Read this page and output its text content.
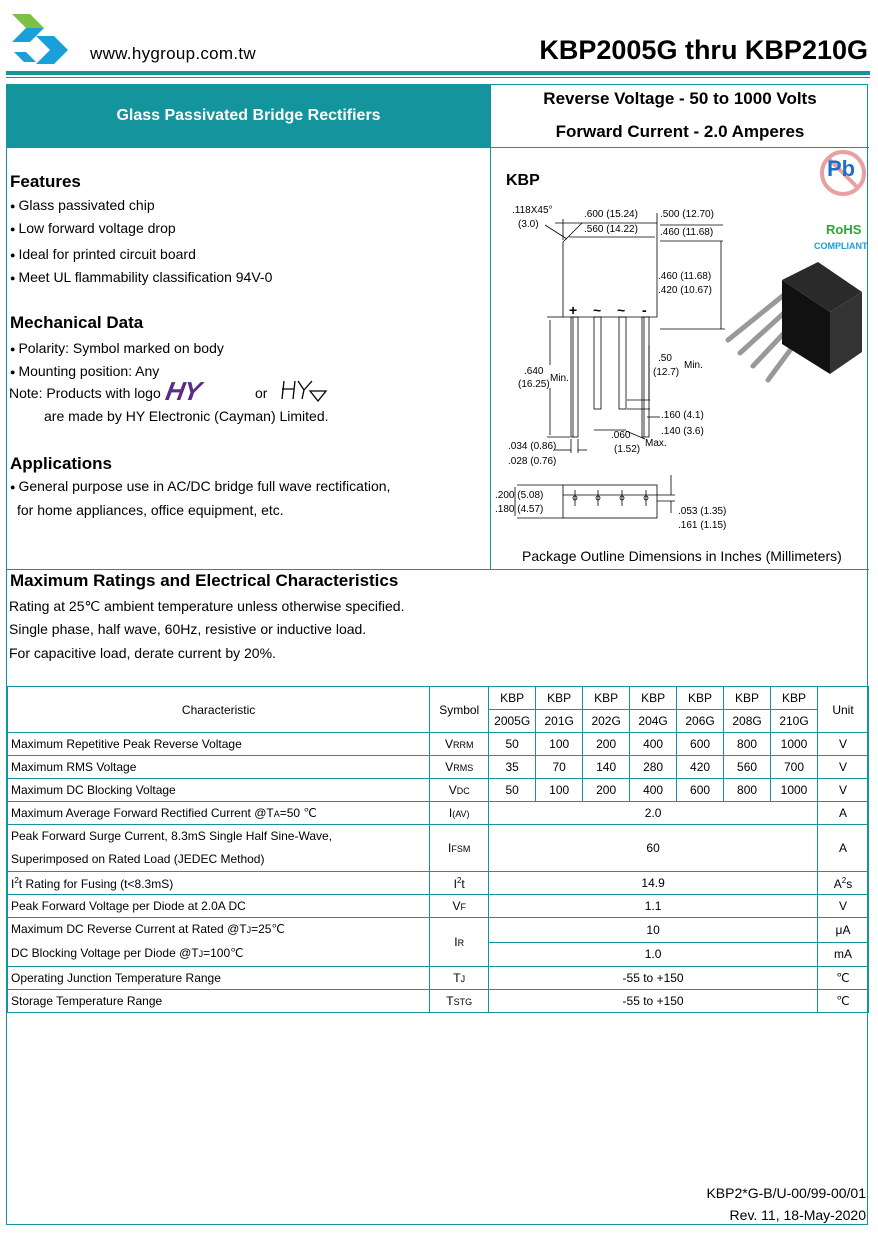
www.hygroup.com.tw	KBP2005G thru KBP210G
Glass Passivated Bridge Rectifiers
Reverse Voltage - 50 to 1000 Volts
Forward Current - 2.0 Amperes
Features
● Glass passivated chip
● Low forward voltage drop
● Ideal for printed circuit board
● Meet UL flammability classification 94V-0
Mechanical Data
● Polarity: Symbol marked on body
● Mounting position: Any
Note: Products with logo HY	or
are made by HY Electronic (Cayman) Limited.
Applications
● General purpose use in AC/DC bridge full wave rectification,
for home appliances, office equipment, etc.
KBP	Pb
RoHS
COMPLIANT
+ ~ ~ -
.118X45°
(3.0)
.600 (15.24)
.560 (14.22)
.500 (12.70)
.460 (11.68)
.460 (11.68)
.420 (10.67)
.640
(16.25)
Min.
.50
(12.7)
Min.
.160 (4.1)
.140 (3.6)
.060
(1.52)
Max.
.034 (0.86)
.028 (0.76)
.200 (5.08)
.180 (4.57)	.053 (1.35)
.161 (1.15)
Package Outline Dimensions in Inches (Millimeters)
Maximum Ratings and Electrical Characteristics
Rating at 25℃ ambient temperature unless otherwise specified.
Single phase, half wave, 60Hz, resistive or inductive load.
For capacitive load, derate current by 20%.
Characteristic	Symbol	KBP	KBP	KBP	KBP	KBP	KBP	KBP	Unit
		2005G	201G	202G	204G	206G	208G	210G	
Maximum Repetitive Peak Reverse Voltage	VRRM	50	100	200	400	600	800	1000	V
Maximum RMS Voltage	VRMS	35	70	140	280	420	560	700	V
Maximum DC Blocking Voltage	VDC	50	100	200	400	600	800	1000	V
Maximum Average Forward Rectified Current @TA=50 ℃	I(AV)	2.0							A
Peak Forward Surge Current, 8.3mS Single Half Sine-Wave,
Superimposed on Rated Load (JEDEC Method)	IFSM	60							A
$I^2t$ Rating for Fusing (t<8.3mS)	$I^2t$	14.9							$A^2s$
Peak Forward Voltage per Diode at 2.0A DC	VF	1.1							V
Maximum DC Reverse Current at Rated @TJ=25℃
DC Blocking Voltage per Diode @TJ=100℃	IR	10							μA
		1.0							mA
Operating Junction Temperature Range	TJ	-55 to +150							℃
Storage Temperature Range	TSTG	-55 to +150							℃
KBP2*G-B/U-00/99-00/01
Rev. 11, 18-May-2020
